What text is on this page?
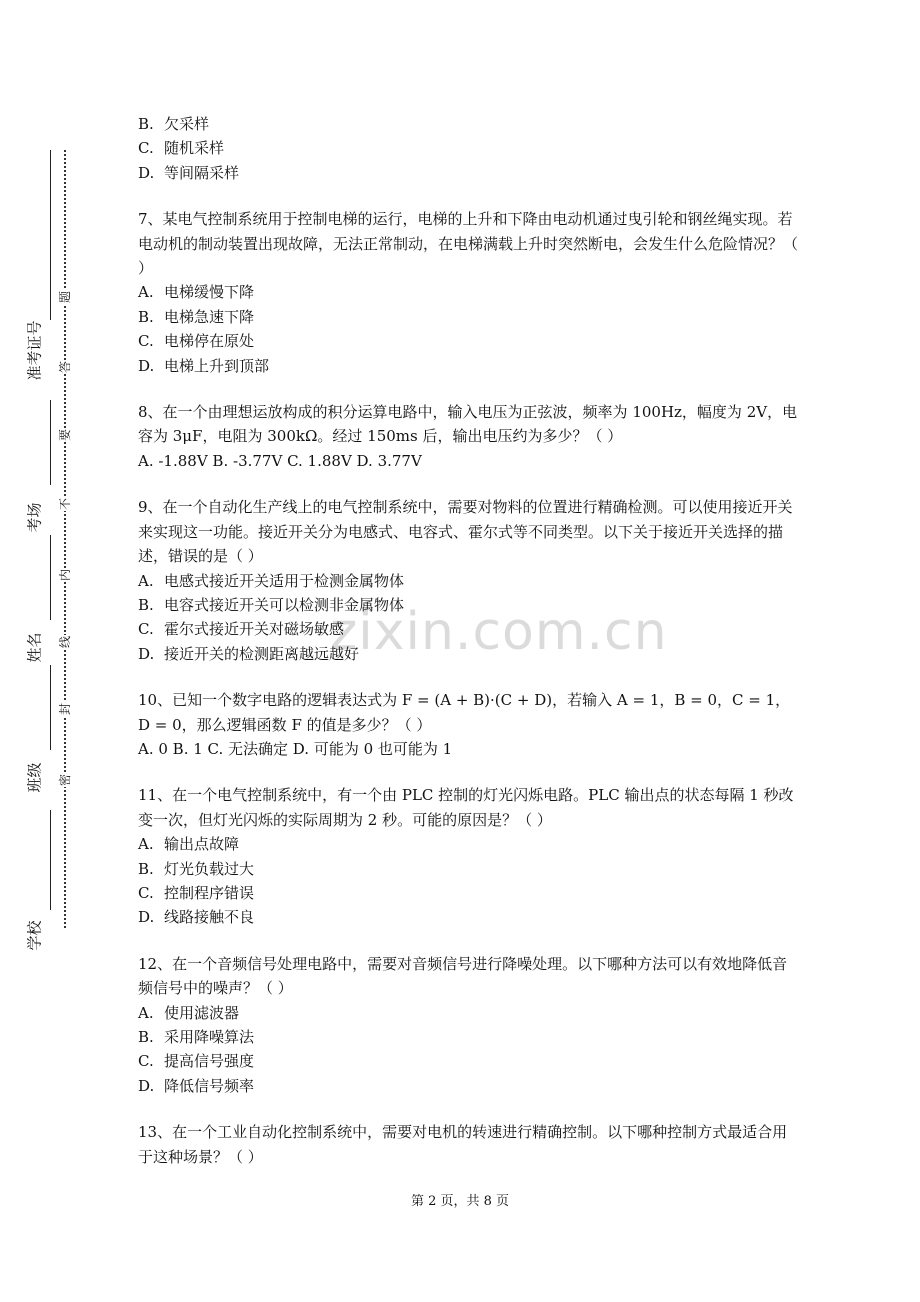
准考证号
考场
姓名
班级
学校
密
封
线
内
不
要
答
题
zixin.com.cn

B. 欠采样

C. 随机采样

D. 等间隔采样

7、某电气控制系统用于控制电梯的运行，电梯的上升和下降由电动机通过曳引轮和钢丝绳实现。若电动机的制动装置出现故障，无法正常制动，在电梯满载上升时突然断电，会发生什么危险情况？（ ）

A. 电梯缓慢下降

B. 电梯急速下降

C. 电梯停在原处

D. 电梯上升到顶部

8、在一个由理想运放构成的积分运算电路中，输入电压为正弦波，频率为 100Hz，幅度为 2V，电容为 3μF，电阻为 300kΩ。经过 150ms 后，输出电压约为多少？（ ）

A. -1.88V B. -3.77V C. 1.88V D. 3.77V

9、在一个自动化生产线上的电气控制系统中，需要对物料的位置进行精确检测。可以使用接近开关来实现这一功能。接近开关分为电感式、电容式、霍尔式等不同类型。以下关于接近开关选择的描述，错误的是（ ）

A. 电感式接近开关适用于检测金属物体

B. 电容式接近开关可以检测非金属物体

C. 霍尔式接近开关对磁场敏感

D. 接近开关的检测距离越远越好

10、已知一个数字电路的逻辑表达式为 F = (A + B)·(C + D)，若输入 A = 1，B = 0，C = 1，D = 0，那么逻辑函数 F 的值是多少？（ ）

A. 0 B. 1 C. 无法确定 D. 可能为 0 也可能为 1

11、在一个电气控制系统中，有一个由 PLC 控制的灯光闪烁电路。PLC 输出点的状态每隔 1 秒改变一次，但灯光闪烁的实际周期为 2 秒。可能的原因是？（ ）

A. 输出点故障

B. 灯光负载过大

C. 控制程序错误

D. 线路接触不良

12、在一个音频信号处理电路中，需要对音频信号进行降噪处理。以下哪种方法可以有效地降低音频信号中的噪声？（ ）

A. 使用滤波器

B. 采用降噪算法

C. 提高信号强度

D. 降低信号频率

13、在一个工业自动化控制系统中，需要对电机的转速进行精确控制。以下哪种控制方式最适合用于这种场景？（ ）

第 2 页，共 8 页
